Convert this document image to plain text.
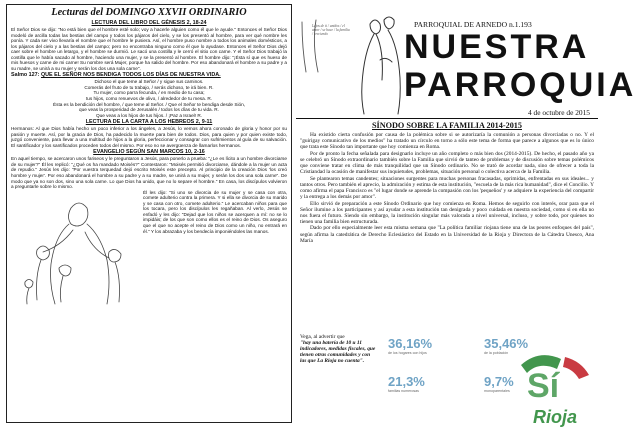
Lecturas del DOMINGO XXVII ORDINARIO
LECTURA DEL LIBRO DEL GÉNESIS 2, 18-24

El Señor Dios se dijo: "No está bien que el hombre esté solo; voy a hacerle alguien como él que le ayude." Entonces el Señor Dios modeló de arcilla todas las bestias del campo y todos los pájaros del cielo, y se los presentó al hombre, para ver qué nombre les ponía. Y cada ser vivo llevaría el nombre que el hombre le pusiera. Así, el hombre puso nombre a todos los animales domésticos, a los pájaros del cielo y a las bestias del campo; pero no encontraba ninguno como él que lo ayudase. Entonces el Señor Dios dejó caer sobre el hombre un letargo, y el hombre se durmió. Le sacó una costilla y le cerró el sitio con carne. Y el Señor Dios trabajó la costilla que le había sacado al hombre, haciendo una mujer, y se la presentó al hombre. El hombre dijo: "¡Ésta sí que es hueso de mis huesos y carne de mi carne! Su nombre será Mujer, porque ha salido del hombre. Por eso abandonará el hombre a su padre y a su madre, se unirá a su mujer y serán los dos una sola carne".

Salmo 127: QUE EL SEÑOR NOS BENDIGA TODOS LOS DÍAS DE NUESTRA VIDA.

Dichoso el que teme al Señor / y sigue sus caminos.

Comerás del fruto de tu trabajo, / serás dichoso, te irá bien. R.

Tu mujer, como parra fecunda, / en medio de tu casa;

tus hijos, como renuevos de olivo, / alrededor de tu mesa. R.

Ésta es la bendición del hombre, / que teme al Señor. / Que el Señor te bendiga desde Sión,

que veas la prosperidad de Jerusalén / todos los días de tu vida. R.

Que veas a los hijos de tus hijos. / ¡Paz a Israel! R.

LECTURA DE LA CARTA A LOS HEBREOS 2, 9-11

Hermanos: Al que Dios había hecho un poco inferior a los ángeles, a Jesús, lo vemos ahora coronado de gloria y honor por su pasión y muerte. Así, por la gracia de Dios, ha padecido la muerte para bien de todos. Dios, para quien y por quien existe todo, juzgó conveniente, para llevar a una multitud de hijos a la gloria, perfeccionar y consagrar con sufrimientos al guía de su salvación. El santificador y los santificados proceden todos del mismo. Por eso no se avergüenza de llamarlos hermanos.

EVANGELIO SEGÚN SAN MARCOS 10, 2-16

En aquel tiempo, se acercaron unos fariseos y le preguntaron a Jesús, para ponerlo a prueba: "¿Le es lícito a un hombre divorciarse de su mujer?" Él les replicó: "¿Qué os ha mandado Moisés?" Contestaron: "Moisés permitió divorciarse, dándole a la mujer un acta de repudio." Jesús les dijo: "Por vuestra terquedad dejó escrito Moisés este precepto. Al principio de la creación Dios 'los creó hombre y mujer'. Por eso abandonará el hombre a su padre y a su madre, se unirá a su mujer, y serán los dos una sola carne". De modo que ya no son dos, sino una sola carne. Lo que Dios ha unido, que no lo separe el hombre." En casa, los discípulos volvieron a preguntarle sobre lo mismo.

Él les dijo: "Si uno se divorcia de su mujer y se casa con otra, comete adulterio contra la primera. Y si ella se divorcia de su marido y se casa con otro, comete adulterio." Le acercaban niños para que los tocara, pero los discípulos les regañaban. Al verlo, Jesús se enfadó y les dijo: "Dejad que los niños se acerquen a mí: no se lo impidáis; de los que son como ellos es el reino de Dios. Os aseguro que el que no acepte el reino de Dios como un niño, no entrará en él." Y los abrazaba y los bendecía imponiéndoles las manos.
Lejos de ti / unidos / el amor / se hace / la familia / creciendo
PARROQUIAL DE ARNEDO n.1.193
NUESTRA
PARROQUIA
4 de octubre de 2015
SÍNODO SOBRE LA FAMILIA 2014-2015

Ha existido cierta confusión por causa de la polémica sobre si se autorizaría la comunión a personas divorciadas o no. Y el "guirigay comunicativo de los medios" ha tratado un círculo en torno a sólo este tema de forma que parece a algunos que es lo único que trata este Sínodo tan importante que hoy comienza en Roma.

Por de pronto la fecha señalada para designarlo incluye un año completo o más bien dos (2014-2015). De hecho, el pasado año ya se celebró un Sínodo extraordinario también sobre la Familia que sirvió de tanteo de problemas y de discusión sobre temas polémicos que conviene tratar en clima de más tranquilidad que un Sínodo ordinario. No se trató de acordar nada, sino de ofrecer a toda la Cristiandad la ocasión de manifestar sus inquietudes, problemas, situación personal o colectiva acerca de la Familia.

Se plantearon temas candentes; situaciones surgentes para muchas personas fracasadas, oprimidas, enfrentadas en sus ideales... y tantos otros. Pero también el aprecio, la admiración y estima de esta institución, "escuela de la más rica humanidad", dice el Concilio. Y como afirma el papa Francisco es "el lugar donde se aprende la compasión con los 'pequeños' y se adquiere la experiencia del compartir y la entrega a los demás por amor".

Ello sirvió de preparación a este Sínodo Ordinario que hoy comienza en Roma. Hemos de seguirlo con interés, orar para que el Señor ilumine a los participantes y así ayudar a esta institución tan denigrada y poco cuidada en nuestra sociedad, como si en ella no nos fuera el futuro. Siendo sin embargo, la institución singular más valorada a nivel universal, incluso, y sobre todo, por quienes no tienen una familia bien estructurada.

Dado por ello especialmente leer esta misma semana que "La política familiar riojana tiene una de las peores enfoques del país", según afirma la catedrática de Derecho Eclesiástico del Estado en la Universidad de la Rioja y Directora de la Cátedra Unesco, Ana María

Vega, al advertir que
"hay una batería de 10 u 11 indicadores, medidas fiscales, que tienen otras comunidades y con las que La Rioja no cuenta".
36,16%
de los hogares con hijos
35,46%
de la población
21,3%
familias numerosas
9,7%
monoparentales Sí
Rioja
